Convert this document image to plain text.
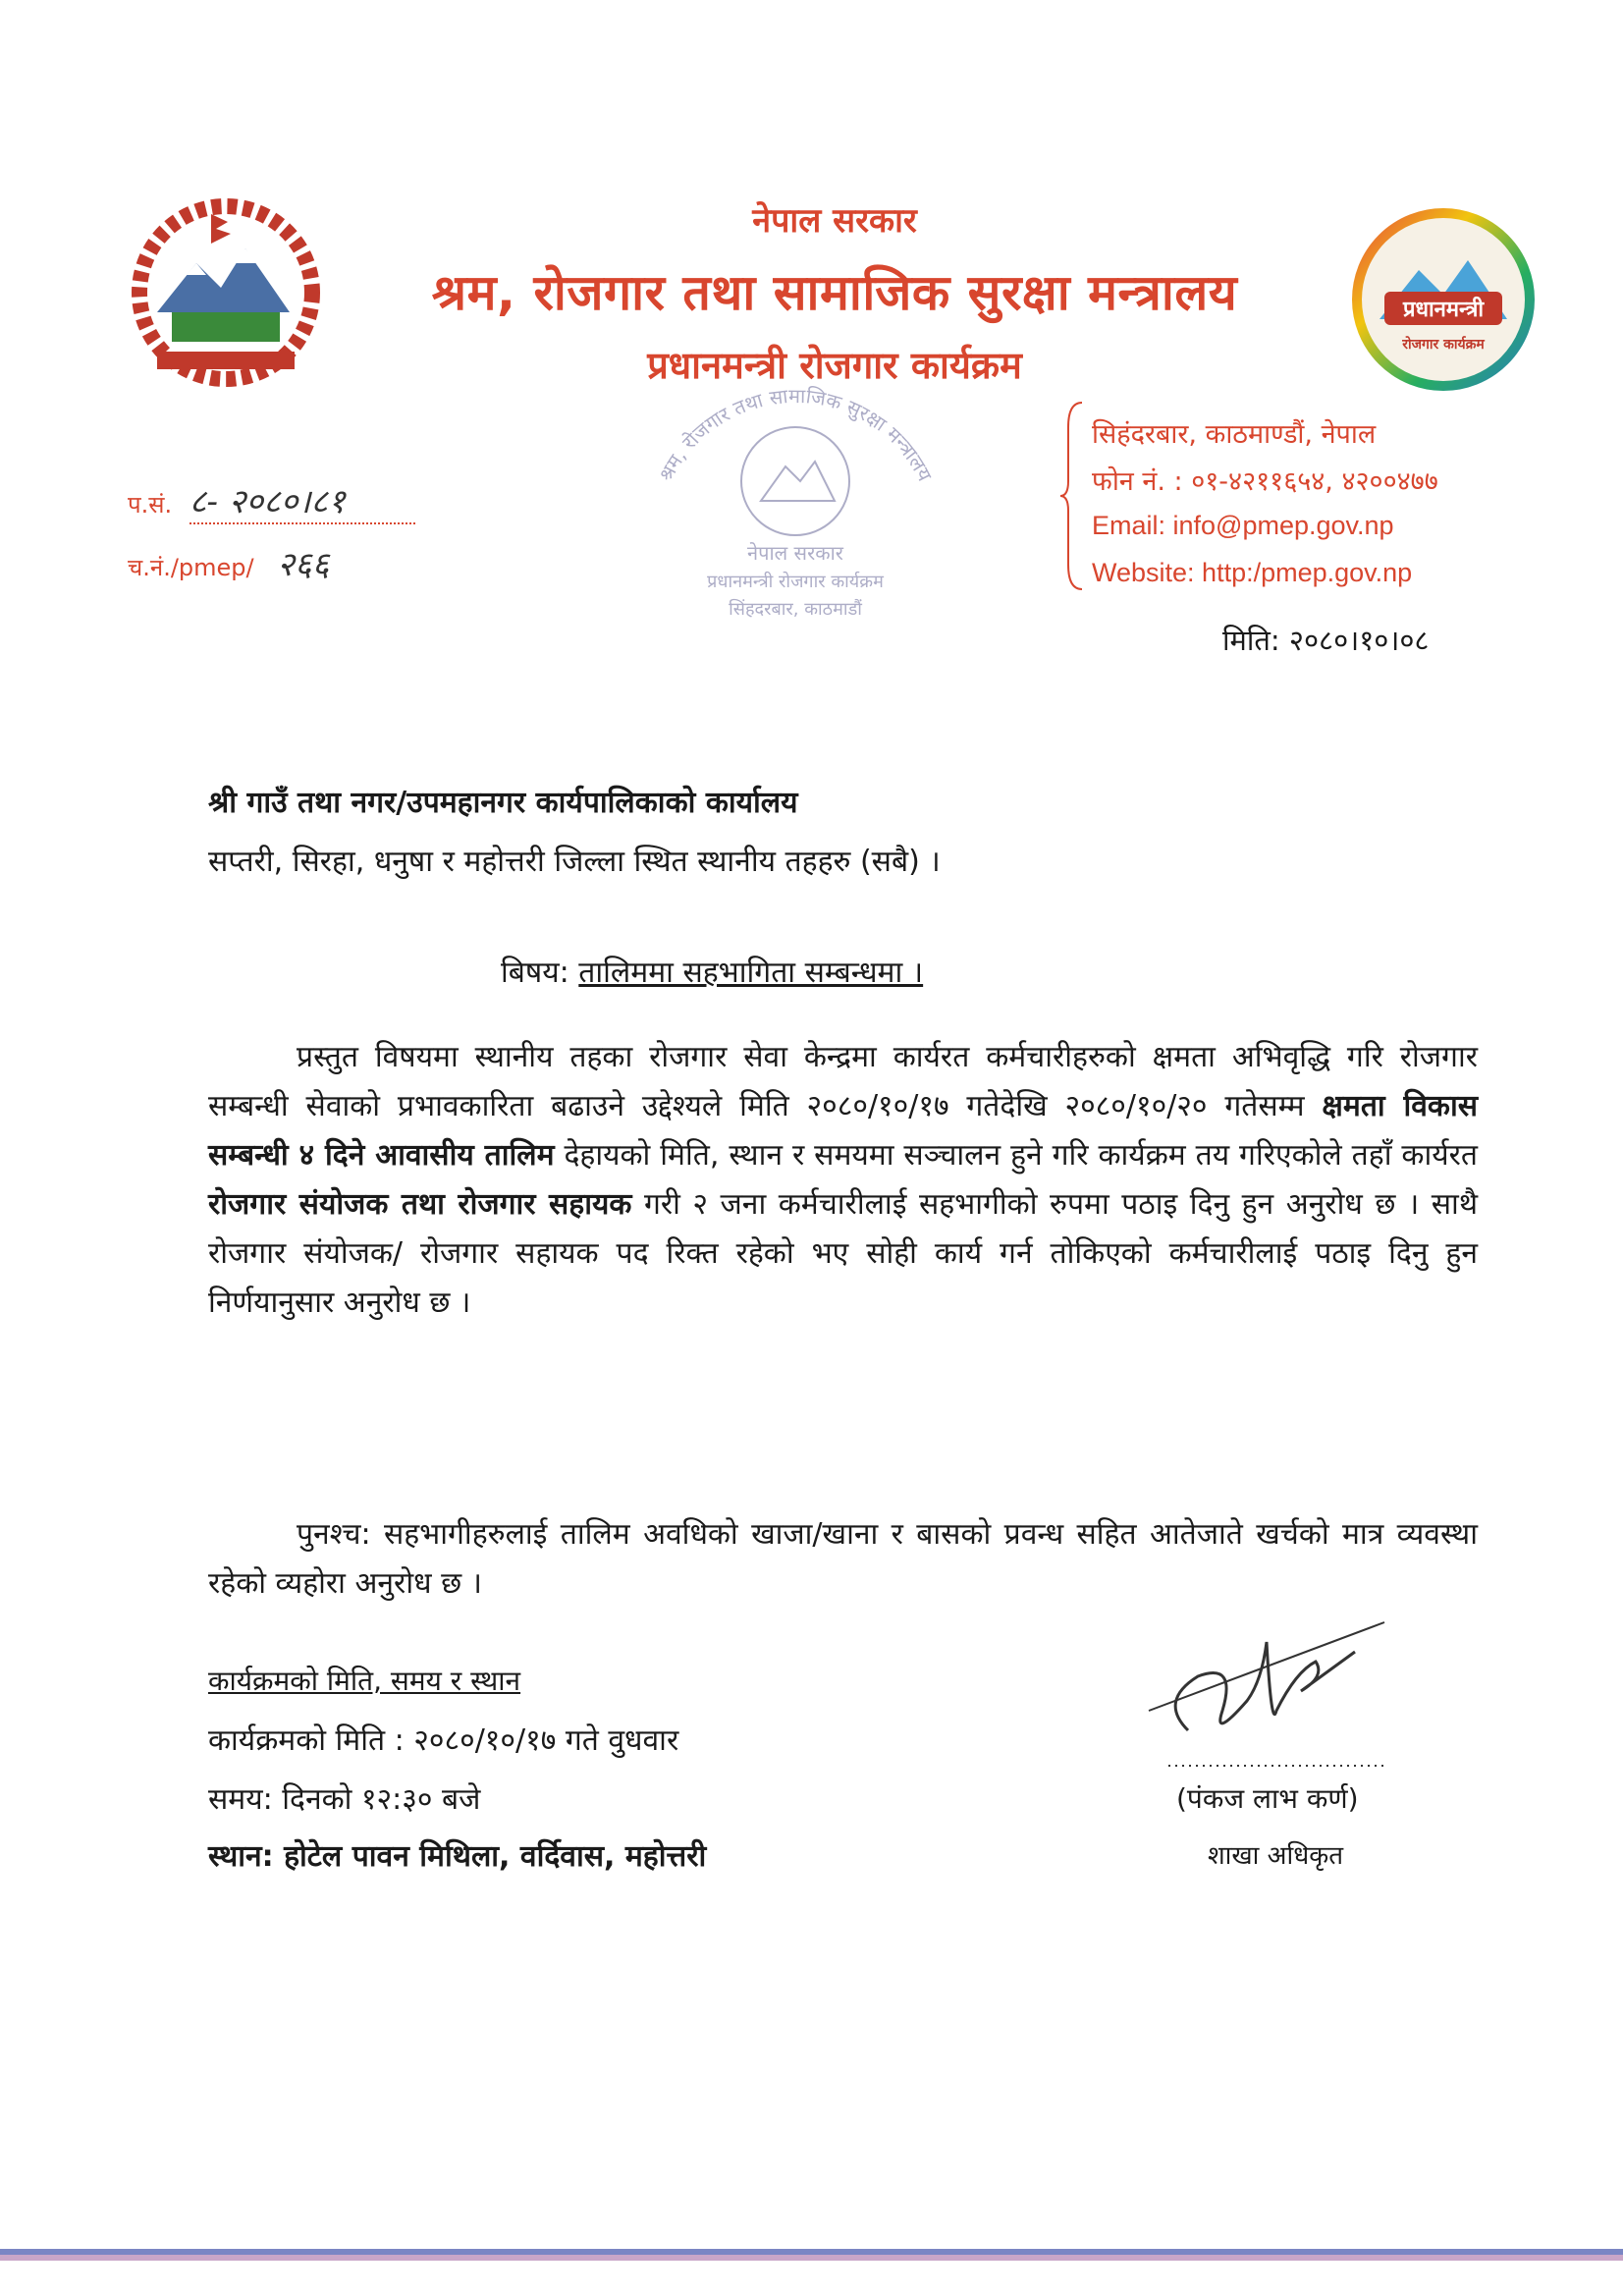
नेपाल सरकार
श्रम, रोजगार तथा सामाजिक सुरक्षा मन्त्रालय
प्रधानमन्त्री रोजगार कार्यक्रम
प्रधानमन्त्री
रोजगार कार्यक्रम
श्रम, रोजगार तथा सामाजिक सुरक्षा मन्त्रालय
नेपाल सरकार
प्रधानमन्त्री रोजगार कार्यक्रम
सिंहदरबार, काठमाडौं
सिहंदरबार, काठमाण्डौं, नेपाल
फोन नं. : ०१-४२११६५४, ४२००४७७
Email: info@pmep.gov.np
Website: http:/pmep.gov.np
प.सं. ८- २०८०।८१
च.नं./pmep/ २६६
मिति: २०८०।१०।०८
श्री गाउँ तथा नगर/उपमहानगर कार्यपालिकाको कार्यालय
सप्तरी, सिरहा, धनुषा र महोत्तरी जिल्ला स्थित स्थानीय तहहरु (सबै) ।
बिषय: तालिममा सहभागिता सम्बन्धमा ।
प्रस्तुत विषयमा स्थानीय तहका रोजगार सेवा केन्द्रमा कार्यरत कर्मचारीहरुको क्षमता अभिवृद्धि गरि रोजगार सम्बन्धी सेवाको प्रभावकारिता बढाउने उद्देश्यले मिति २०८०/१०/१७ गतेदेखि २०८०/१०/२० गतेसम्म क्षमता विकास सम्बन्धी ४ दिने आवासीय तालिम देहायको मिति, स्थान र समयमा सञ्चालन हुने गरि कार्यक्रम तय गरिएकोले तहाँ कार्यरत रोजगार संयोजक तथा रोजगार सहायक गरी २ जना कर्मचारीलाई सहभागीको रुपमा पठाइ दिनु हुन अनुरोध छ । साथै रोजगार संयोजक/ रोजगार सहायक पद रिक्त रहेको भए सोही कार्य गर्न तोकिएको कर्मचारीलाई पठाइ दिनु हुन निर्णयानुसार अनुरोध छ ।
पुनश्च: सहभागीहरुलाई तालिम अवधिको खाजा/खाना र बासको प्रवन्ध सहित आतेजाते खर्चको मात्र व्यवस्था रहेको व्यहोरा अनुरोध छ ।
कार्यक्रमको मिति, समय र स्थान
कार्यक्रमको मिति : २०८०/१०/१७ गते वुधवार
समय: दिनको १२:३० बजे
स्थान: होटेल पावन मिथिला, वर्दिवास, महोत्तरी
(पंकज लाभ कर्ण)
शाखा अधिकृत
